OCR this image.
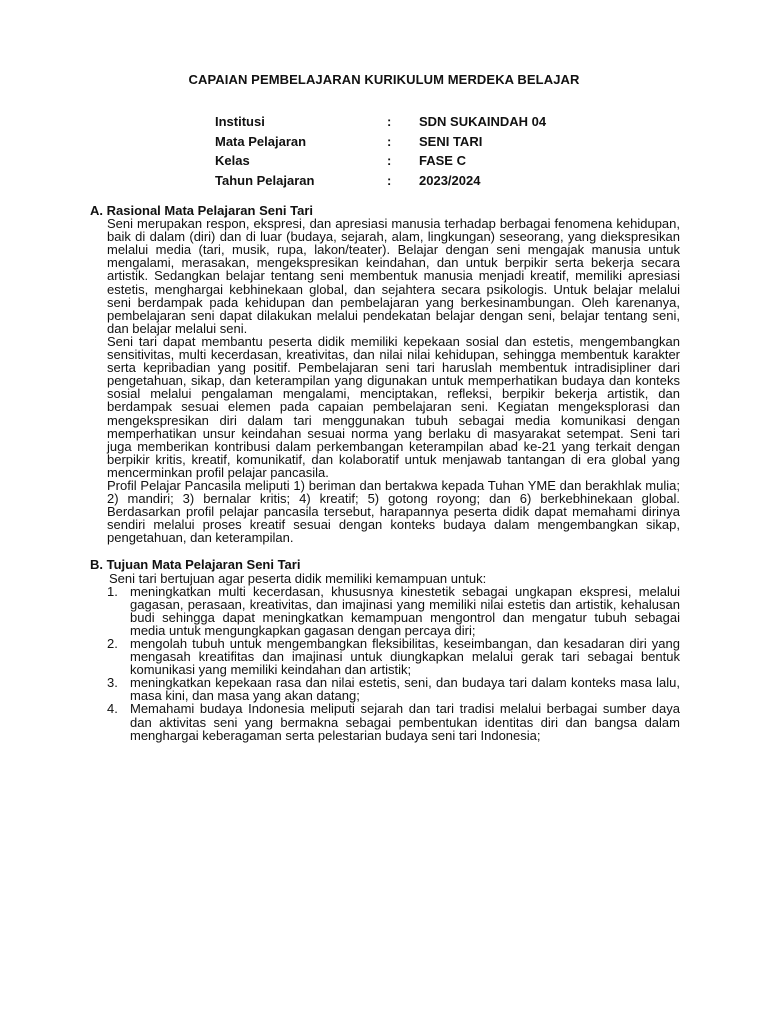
CAPAIAN PEMBELAJARAN KURIKULUM MERDEKA BELAJAR
Institusi	:	SDN SUKAINDAH 04
Mata Pelajaran	:	SENI TARI
Kelas	:	FASE C
Tahun Pelajaran	:	2023/2024
A. Rasional Mata Pelajaran Seni Tari

Seni merupakan respon, ekspresi, dan apresiasi manusia terhadap berbagai fenomena kehidupan, baik di dalam (diri) dan di luar (budaya, sejarah, alam, lingkungan) seseorang, yang diekspresikan melalui media (tari, musik, rupa, lakon/teater). Belajar dengan seni mengajak manusia untuk mengalami, merasakan, mengekspresikan keindahan, dan untuk berpikir serta bekerja secara artistik. Sedangkan belajar tentang seni membentuk manusia menjadi kreatif, memiliki apresiasi estetis, menghargai kebhinekaan global, dan sejahtera secara psikologis. Untuk belajar melalui seni berdampak pada kehidupan dan pembelajaran yang berkesinambungan. Oleh karenanya, pembelajaran seni dapat dilakukan melalui pendekatan belajar dengan seni, belajar tentang seni, dan belajar melalui seni.

Seni tari dapat membantu peserta didik memiliki kepekaan sosial dan estetis, mengembangkan sensitivitas, multi kecerdasan, kreativitas, dan nilai nilai kehidupan, sehingga membentuk karakter serta kepribadian yang positif. Pembelajaran seni tari haruslah membentuk intradisipliner dari pengetahuan, sikap, dan keterampilan yang digunakan untuk memperhatikan budaya dan konteks sosial melalui pengalaman mengalami, menciptakan, refleksi, berpikir bekerja artistik, dan berdampak sesuai elemen pada capaian pembelajaran seni. Kegiatan mengeksplorasi dan mengekspresikan diri dalam tari menggunakan tubuh sebagai media komunikasi dengan memperhatikan unsur keindahan sesuai norma yang berlaku di masyarakat setempat. Seni tari juga memberikan kontribusi dalam perkembangan keterampilan abad ke-21 yang terkait dengan berpikir kritis, kreatif, komunikatif, dan kolaboratif untuk menjawab tantangan di era global yang mencerminkan profil pelajar pancasila.

Profil Pelajar Pancasila meliputi 1) beriman dan bertakwa kepada Tuhan YME dan berakhlak mulia; 2) mandiri; 3) bernalar kritis; 4) kreatif; 5) gotong royong; dan 6) berkebhinekaan global. Berdasarkan profil pelajar pancasila tersebut, harapannya peserta didik dapat memahami dirinya sendiri melalui proses kreatif sesuai dengan konteks budaya dalam mengembangkan sikap, pengetahuan, dan keterampilan.

B. Tujuan Mata Pelajaran Seni Tari

Seni tari bertujuan agar peserta didik memiliki kemampuan untuk:

1. meningkatkan multi kecerdasan, khususnya kinestetik sebagai ungkapan ekspresi, melalui gagasan, perasaan, kreativitas, dan imajinasi yang memiliki nilai estetis dan artistik, kehalusan budi sehingga dapat meningkatkan kemampuan mengontrol dan mengatur tubuh sebagai media untuk mengungkapkan gagasan dengan percaya diri;
2. mengolah tubuh untuk mengembangkan fleksibilitas, keseimbangan, dan kesadaran diri yang mengasah kreatifitas dan imajinasi untuk diungkapkan melalui gerak tari sebagai bentuk komunikasi yang memiliki keindahan dan artistik;
3. meningkatkan kepekaan rasa dan nilai estetis, seni, dan budaya tari dalam konteks masa lalu, masa kini, dan masa yang akan datang;
4. Memahami budaya Indonesia meliputi sejarah dan tari tradisi melalui berbagai sumber daya dan aktivitas seni yang bermakna sebagai pembentukan identitas diri dan bangsa dalam menghargai keberagaman serta pelestarian budaya seni tari Indonesia;
